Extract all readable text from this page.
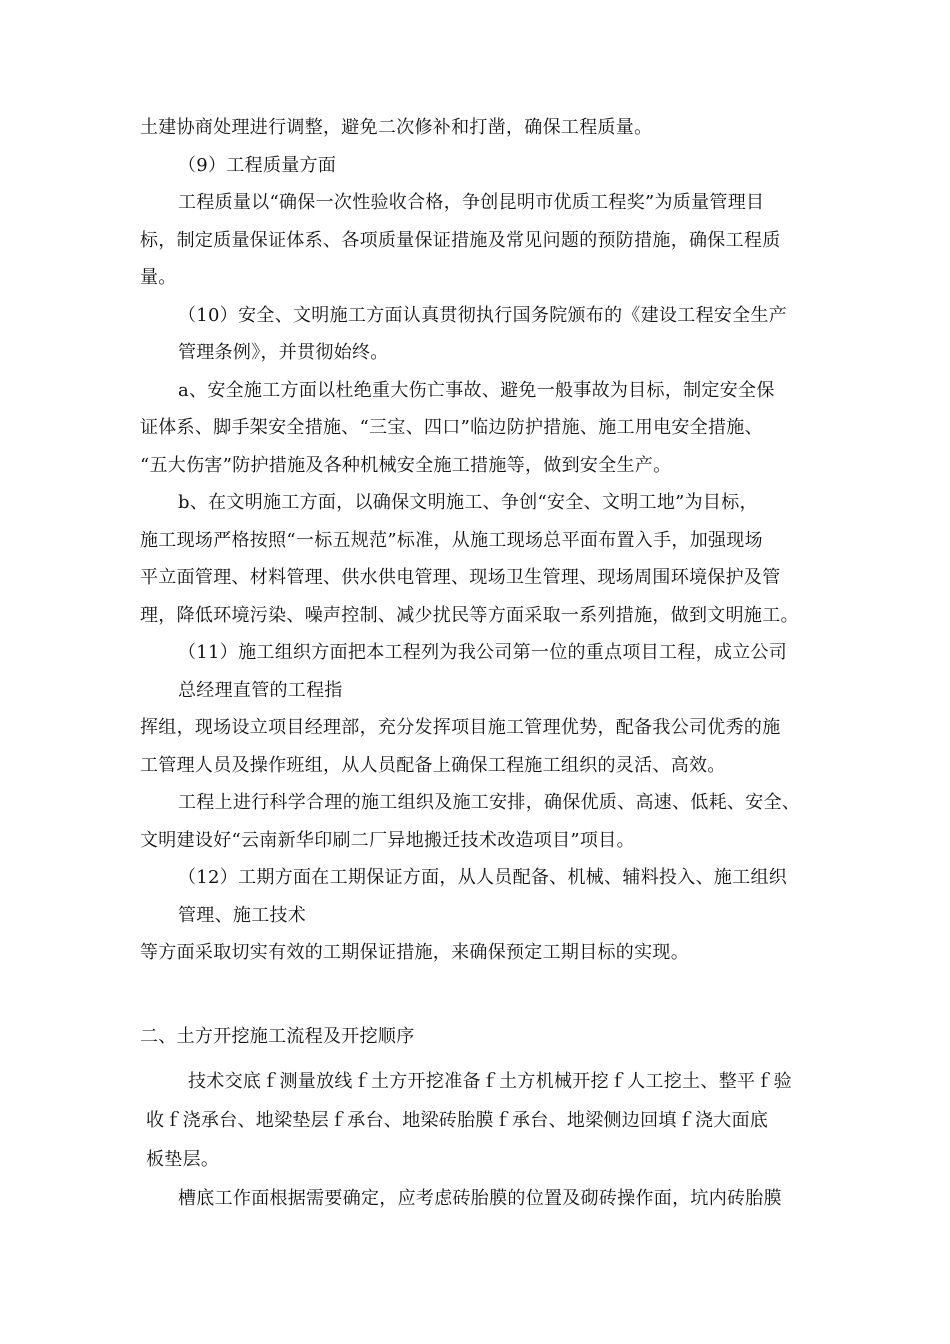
土建协商处理进行调整，避免二次修补和打凿，确保工程质量。
（9）工程质量方面
工程质量以“确保一次性验收合格，争创昆明市优质工程奖”为质量管理目
标，制定质量保证体系、各项质量保证措施及常见问题的预防措施，确保工程质
量。
（10）安全、文明施工方面认真贯彻执行国务院颁布的《建设工程安全生产
管理条例》，并贯彻始终。
a、安全施工方面以杜绝重大伤亡事故、避免一般事故为目标，制定安全保
证体系、脚手架安全措施、“三宝、四口”临边防护措施、施工用电安全措施、
“五大伤害”防护措施及各种机械安全施工措施等，做到安全生产。
b、在文明施工方面，以确保文明施工、争创“安全、文明工地”为目标，
施工现场严格按照“一标五规范”标准，从施工现场总平面布置入手，加强现场
平立面管理、材料管理、供水供电管理、现场卫生管理、现场周围环境保护及管
理，降低环境污染、噪声控制、减少扰民等方面采取一系列措施，做到文明施工。
（11）施工组织方面把本工程列为我公司第一位的重点项目工程，成立公司
总经理直管的工程指
挥组，现场设立项目经理部，充分发挥项目施工管理优势，配备我公司优秀的施
工管理人员及操作班组，从人员配备上确保工程施工组织的灵活、高效。
工程上进行科学合理的施工组织及施工安排，确保优质、高速、低耗、安全、
文明建设好“云南新华印刷二厂异地搬迁技术改造项目”项目。
（12）工期方面在工期保证方面，从人员配备、机械、辅料投入、施工组织
管理、施工技术
等方面采取切实有效的工期保证措施，来确保预定工期目标的实现。
二、土方开挖施工流程及开挖顺序
技术交底ｆ测量放线ｆ土方开挖准备ｆ土方机械开挖ｆ人工挖土、整平ｆ验
收ｆ浇承台、地梁垫层ｆ承台、地梁砖胎膜ｆ承台、地梁侧边回填ｆ浇大面底
板垫层。
槽底工作面根据需要确定，应考虑砖胎膜的位置及砌砖操作面，坑内砖胎膜
